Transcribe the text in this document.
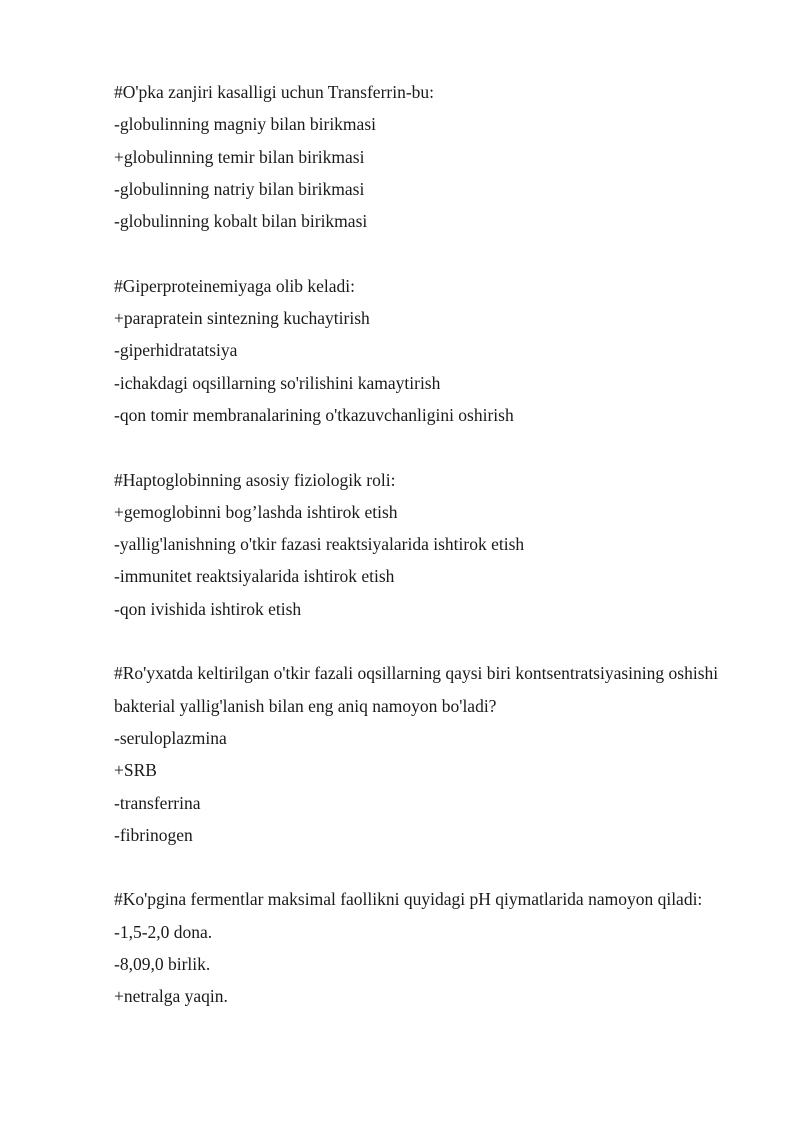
#O'pka zanjiri kasalligi uchun Transferrin-bu:
-globulinning magniy bilan birikmasi
+globulinning temir bilan birikmasi
-globulinning natriy bilan birikmasi
-globulinning kobalt bilan birikmasi
#Giperproteinemiyaga olib keladi:
+parapratein sintezning kuchaytirish
-giperhidratatsiya
-ichakdagi oqsillarning so'rilishini kamaytirish
-qon tomir membranalarining o'tkazuvchanligini oshirish
#Haptoglobinning asosiy fiziologik roli:
+gemoglobinni bog’lashda ishtirok etish
-yallig'lanishning o'tkir fazasi reaktsiyalarida ishtirok etish
-immunitet reaktsiyalarida ishtirok etish
-qon ivishida ishtirok etish
#Ro'yxatda keltirilgan o'tkir fazali oqsillarning qaysi biri kontsentratsiyasining oshishi bakterial yallig'lanish bilan eng aniq namoyon bo'ladi?
-seruloplazmina
+SRB
-transferrina
-fibrinogen
#Ko'pgina fermentlar maksimal faollikni quyidagi pH qiymatlarida namoyon qiladi:
-1,5-2,0 dona.
-8,09,0 birlik.
+netralga yaqin.
